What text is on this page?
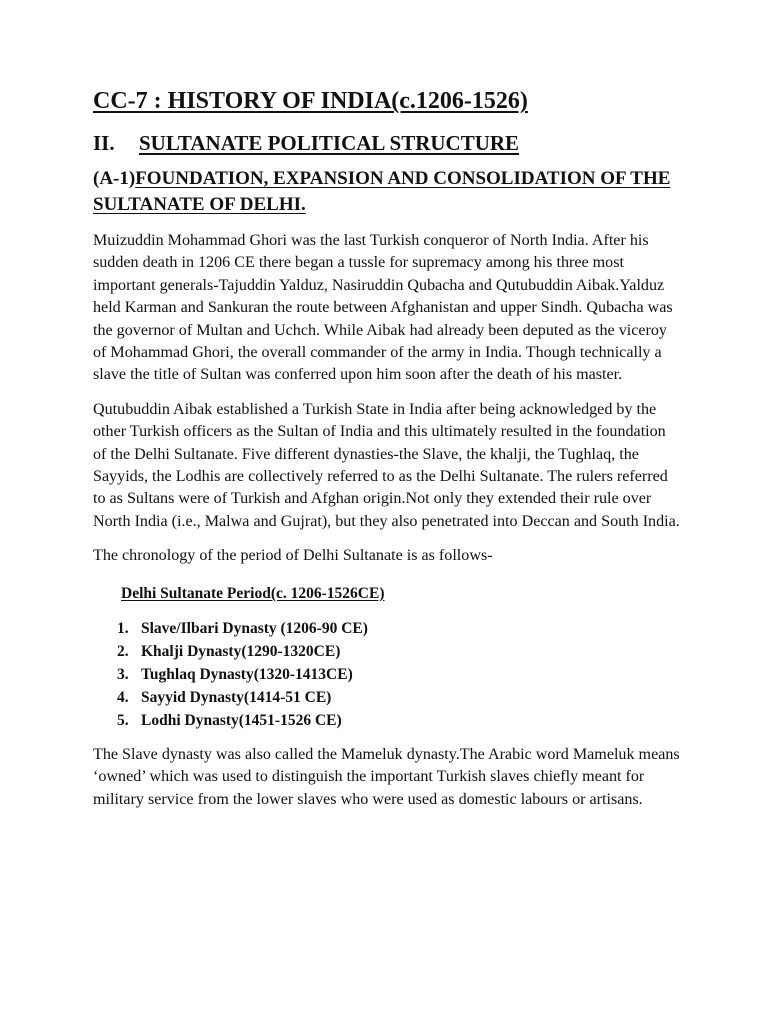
CC-7 : HISTORY OF INDIA(c.1206-1526)
II. SULTANATE POLITICAL STRUCTURE
(A-1)FOUNDATION, EXPANSION AND CONSOLIDATION OF THE SULTANATE OF DELHI.

Muizuddin Mohammad Ghori was the last Turkish conqueror of North India. After his sudden death in 1206 CE there began a tussle for supremacy among his three most important generals-Tajuddin Yalduz, Nasiruddin Qubacha and Qutubuddin Aibak.Yalduz held Karman and Sankuran the route between Afghanistan and upper Sindh. Qubacha was the governor of Multan and Uchch. While Aibak had already been deputed as the viceroy of Mohammad Ghori, the overall commander of the army in India. Though technically a slave the title of Sultan was conferred upon him soon after the death of his master.

Qutubuddin Aibak established a Turkish State in India after being acknowledged by the other Turkish officers as the Sultan of India and this ultimately resulted in the foundation of the Delhi Sultanate. Five different dynasties-the Slave, the khalji, the Tughlaq, the Sayyids, the Lodhis are collectively referred to as the Delhi Sultanate. The rulers referred to as Sultans were of Turkish and Afghan origin.Not only they extended their rule over North India (i.e., Malwa and Gujrat), but they also penetrated into Deccan and South India.

The chronology of the period of Delhi Sultanate is as follows-

Delhi Sultanate Period(c. 1206-1526CE)
1. Slave/Ilbari Dynasty (1206-90 CE)
2. Khalji Dynasty(1290-1320CE)
3. Tughlaq Dynasty(1320-1413CE)
4. Sayyid Dynasty(1414-51 CE)
5. Lodhi Dynasty(1451-1526 CE)

The Slave dynasty was also called the Mameluk dynasty.The Arabic word Mameluk means ‘owned’ which was used to distinguish the important Turkish slaves chiefly meant for military service from the lower slaves who were used as domestic labours or artisans.
